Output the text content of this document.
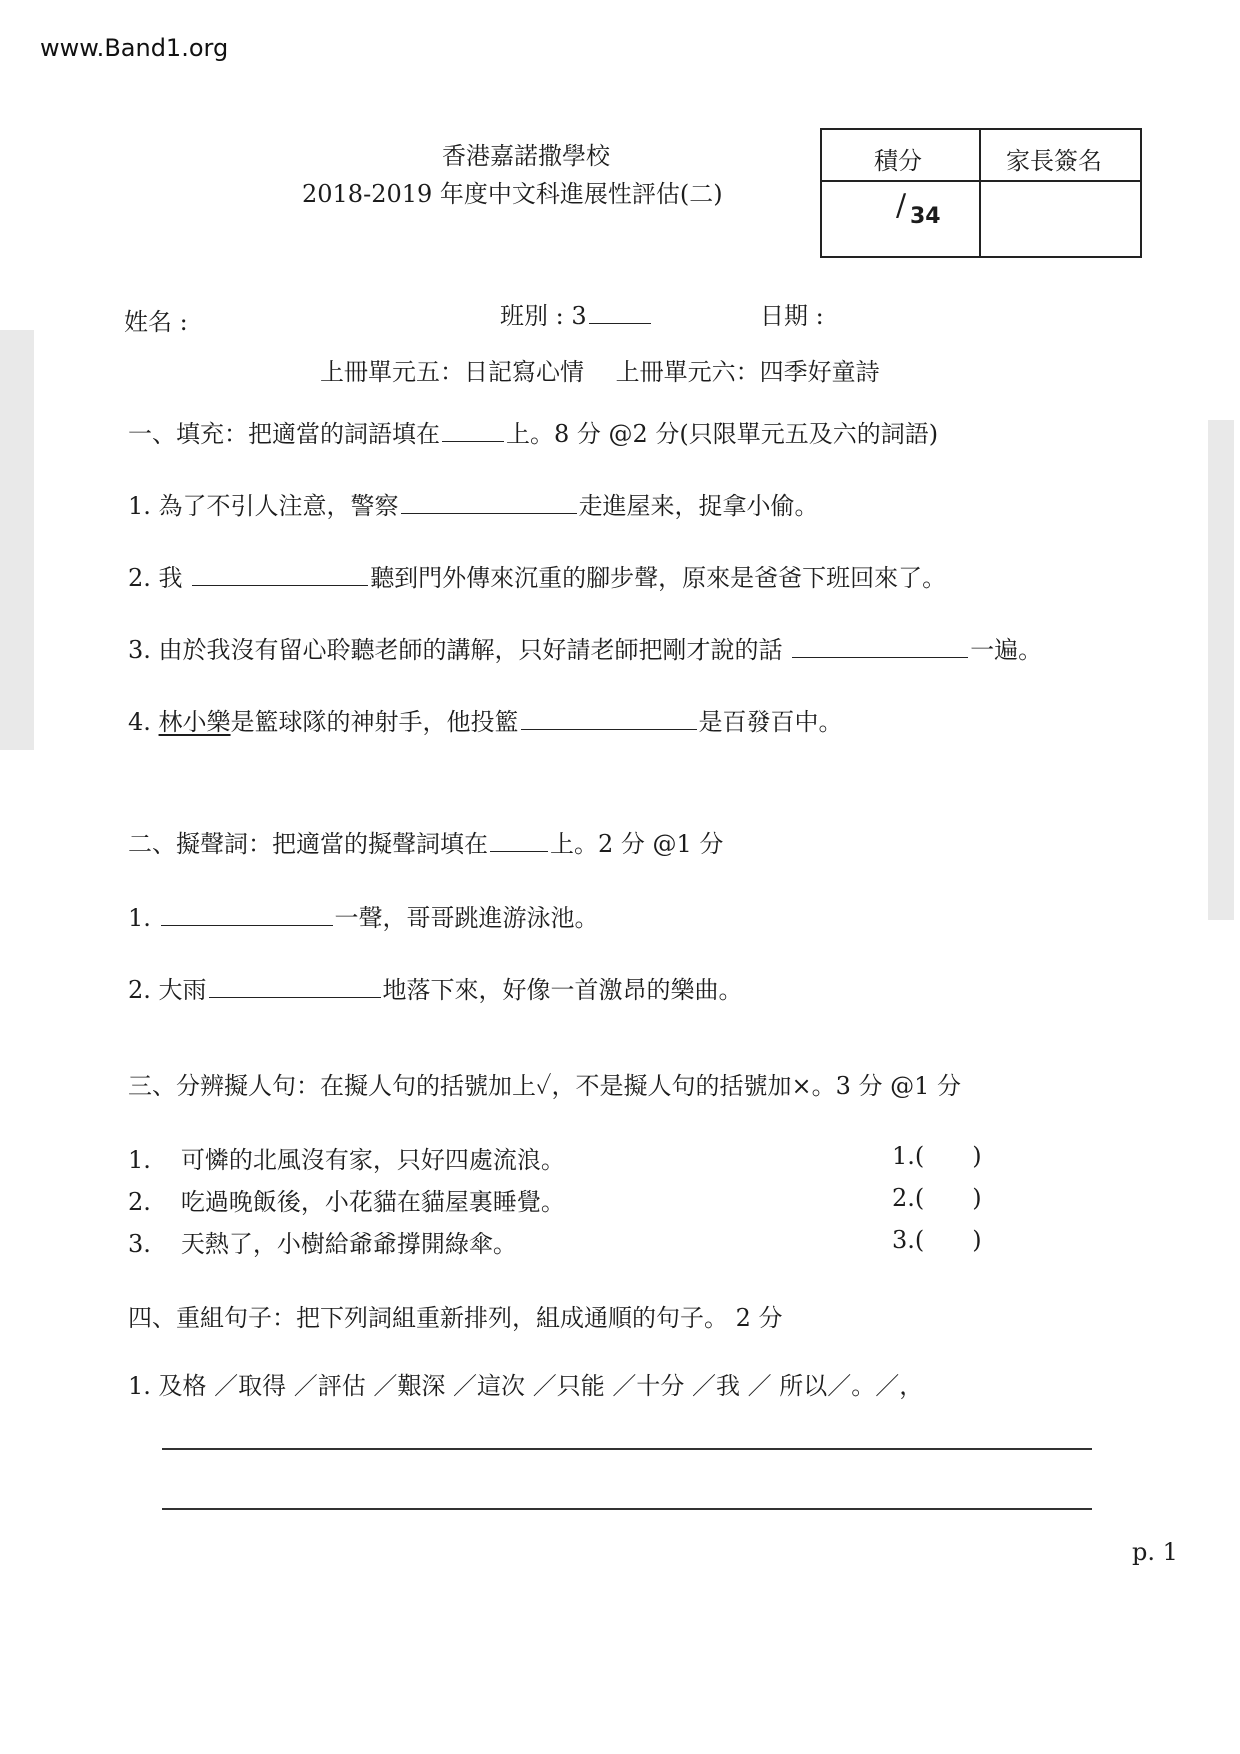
www.Band1.org
香港嘉諾撒學校
2018-2019 年度中文科進展性評估(二)
積分	家長簽名
/ 34
姓名 :	班別 : 3	日期 :
上冊單元五：日記寫心情　 上冊單元六：四季好童詩
一、填充：把適當的詞語填在	上。8 分 @2 分(只限單元五及六的詞語)
1. 為了不引人注意，警察	走進屋来，捉拿小偷。
2. 我	聽到門外傳來沉重的腳步聲，原來是爸爸下班回來了。
3. 由於我沒有留心聆聽老師的講解，只好請老師把剛才說的話	一遍。
4. 林小樂是籃球隊的神射手，他投籃	是百發百中。
二、擬聲詞：把適當的擬聲詞填在	上。2 分 @1 分
1.	一聲，哥哥跳進游泳池。
2. 大雨	地落下來，好像一首激昂的樂曲。
三、分辨擬人句：在擬人句的括號加上✓，不是擬人句的括號加×。3 分 @1 分
1. 可憐的北風沒有家，只好四處流浪。	1.(　　)
2. 吃過晚飯後，小花貓在貓屋裏睡覺。	2.(　　)
3. 天熱了，小樹給爺爺撐開綠傘。	3.(　　)
四、重組句子：把下列詞組重新排列，組成通順的句子。 2 分
1. 及格 ／取得 ／評估 ／艱深 ／這次 ／只能 ／十分 ／我 ／ 所以／。／，
p. 1
